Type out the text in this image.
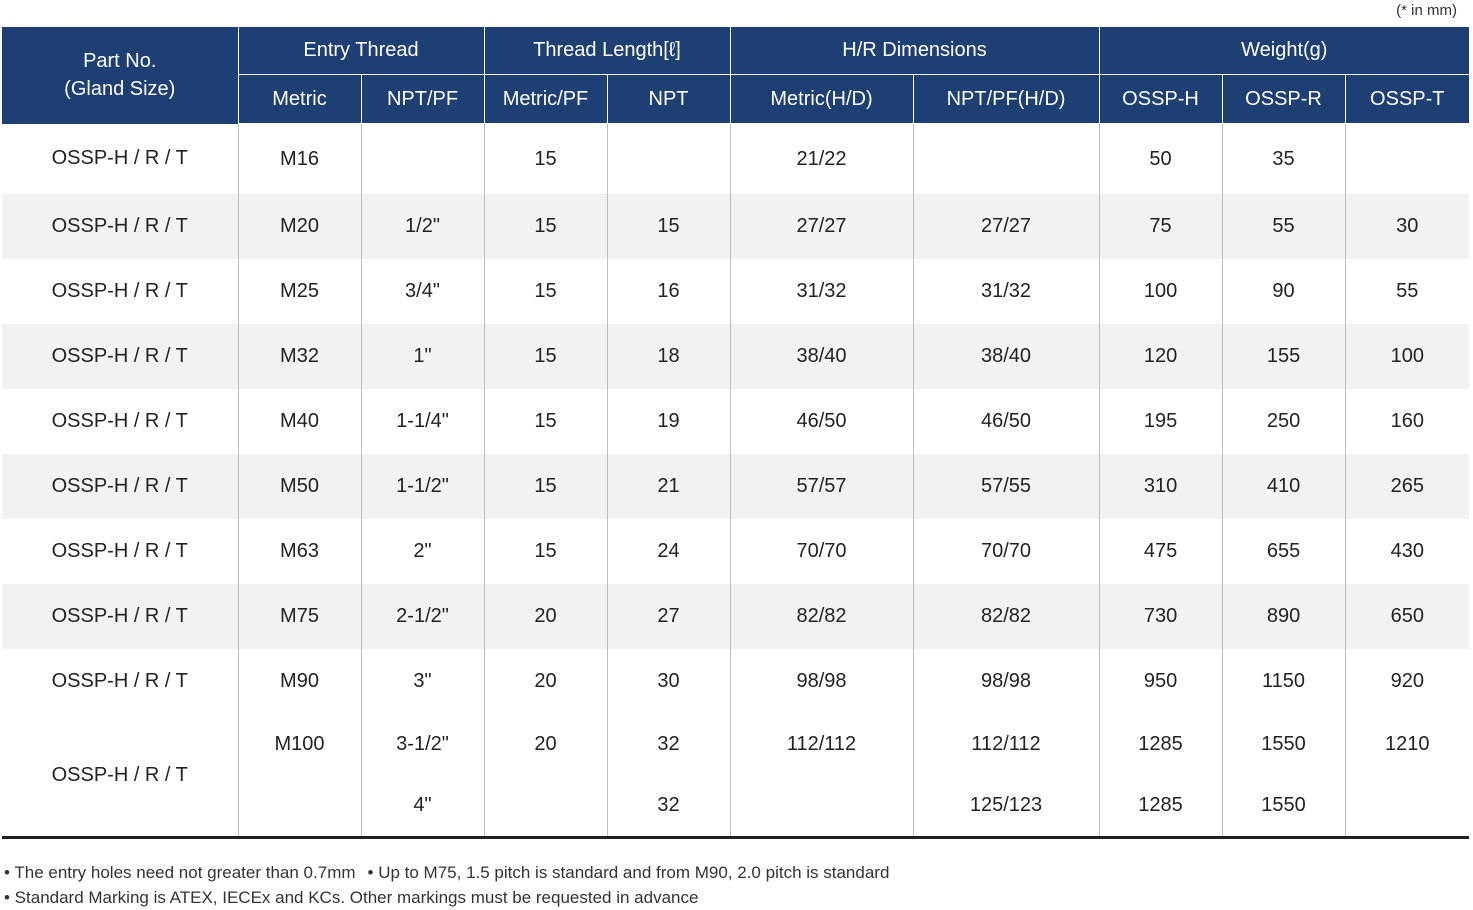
(* in mm)
Part No.
(Gland Size)	Entry Thread		Thread Length[ℓ]		H/R Dimensions		Weight(g)		
	Metric	NPT/PF	Metric/PF	NPT	Metric(H/D)	NPT/PF(H/D)	OSSP-H	OSSP-R	OSSP-T
OSSP-H / R / T	M16		15		21/22		50	35	
OSSP-H / R / T	M20	1/2"	15	15	27/27	27/27	75	55	30
OSSP-H / R / T	M25	3/4"	15	16	31/32	31/32	100	90	55
OSSP-H / R / T	M32	1"	15	18	38/40	38/40	120	155	100
OSSP-H / R / T	M40	1-1/4"	15	19	46/50	46/50	195	250	160
OSSP-H / R / T	M50	1-1/2"	15	21	57/57	57/55	310	410	265
OSSP-H / R / T	M63	2"	15	24	70/70	70/70	475	655	430
OSSP-H / R / T	M75	2-1/2"	20	27	82/82	82/82	730	890	650
OSSP-H / R / T	M90	3"	20	30	98/98	98/98	950	1150	920
OSSP-H / R / T	M100	3-1/2"	20	32	112/112	112/112	1285	1550	1210
		4"		32		125/123	1285	1550	
• The entry holes need not greater than 0.7mm • Up to M75, 1.5 pitch is standard and from M90, 2.0 pitch is standard
• Standard Marking is ATEX, IECEx and KCs. Other markings must be requested in advance
